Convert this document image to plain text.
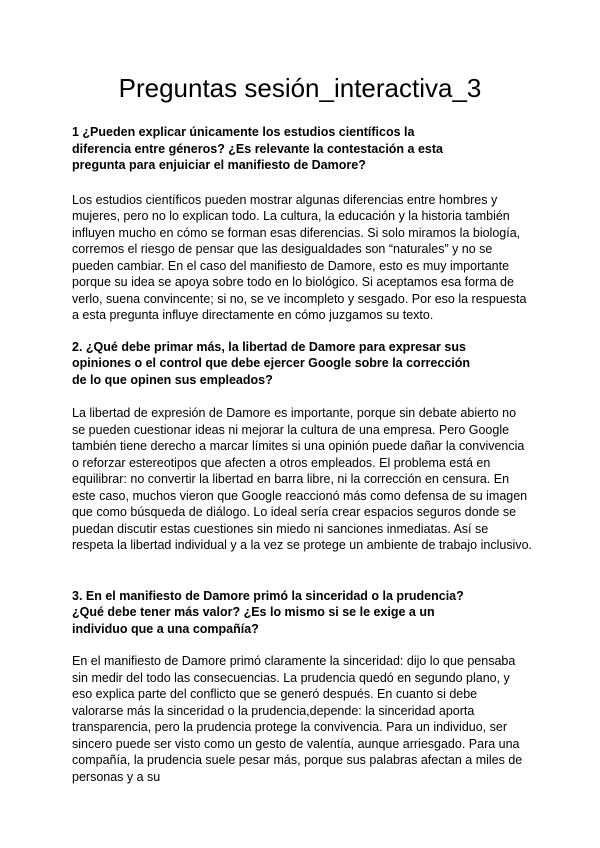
Preguntas sesión_interactiva_3

1 ¿Pueden explicar únicamente los estudios científicos la diferencia entre géneros? ¿Es relevante la contestación a esta pregunta para enjuiciar el manifiesto de Damore?

Los estudios científicos pueden mostrar algunas diferencias entre hombres y mujeres, pero no lo explican todo. La cultura, la educación y la historia también influyen mucho en cómo se forman esas diferencias. Si solo miramos la biología, corremos el riesgo de pensar que las desigualdades son “naturales” y no se pueden cambiar. En el caso del manifiesto de Damore, esto es muy importante porque su idea se apoya sobre todo en lo biológico. Si aceptamos esa forma de verlo, suena convincente; si no, se ve incompleto y sesgado. Por eso la respuesta a esta pregunta influye directamente en cómo juzgamos su texto.

2. ¿Qué debe primar más, la libertad de Damore para expresar sus opiniones o el control que debe ejercer Google sobre la corrección de lo que opinen sus empleados?

La libertad de expresión de Damore es importante, porque sin debate abierto no se pueden cuestionar ideas ni mejorar la cultura de una empresa. Pero Google también tiene derecho a marcar límites si una opinión puede dañar la convivencia o reforzar estereotipos que afecten a otros empleados. El problema está en equilibrar: no convertir la libertad en barra libre, ni la corrección en censura. En este caso, muchos vieron que Google reaccionó más como defensa de su imagen que como búsqueda de diálogo. Lo ideal sería crear espacios seguros donde se puedan discutir estas cuestiones sin miedo ni sanciones inmediatas. Así se respeta la libertad individual y a la vez se protege un ambiente de trabajo inclusivo.

3. En el manifiesto de Damore primó la sinceridad o la prudencia? ¿Qué debe tener más valor? ¿Es lo mismo si se le exige a un individuo que a una compañía?

En el manifiesto de Damore primó claramente la sinceridad: dijo lo que pensaba sin medir del todo las consecuencias. La prudencia quedó en segundo plano, y eso explica parte del conflicto que se generó después. En cuanto si debe valorarse más la sinceridad o la prudencia,depende: la sinceridad aporta transparencia, pero la prudencia protege la convivencia. Para un individuo, ser sincero puede ser visto como un gesto de valentía, aunque arriesgado. Para una compañía, la prudencia suele pesar más, porque sus palabras afectan a miles de personas y a su
